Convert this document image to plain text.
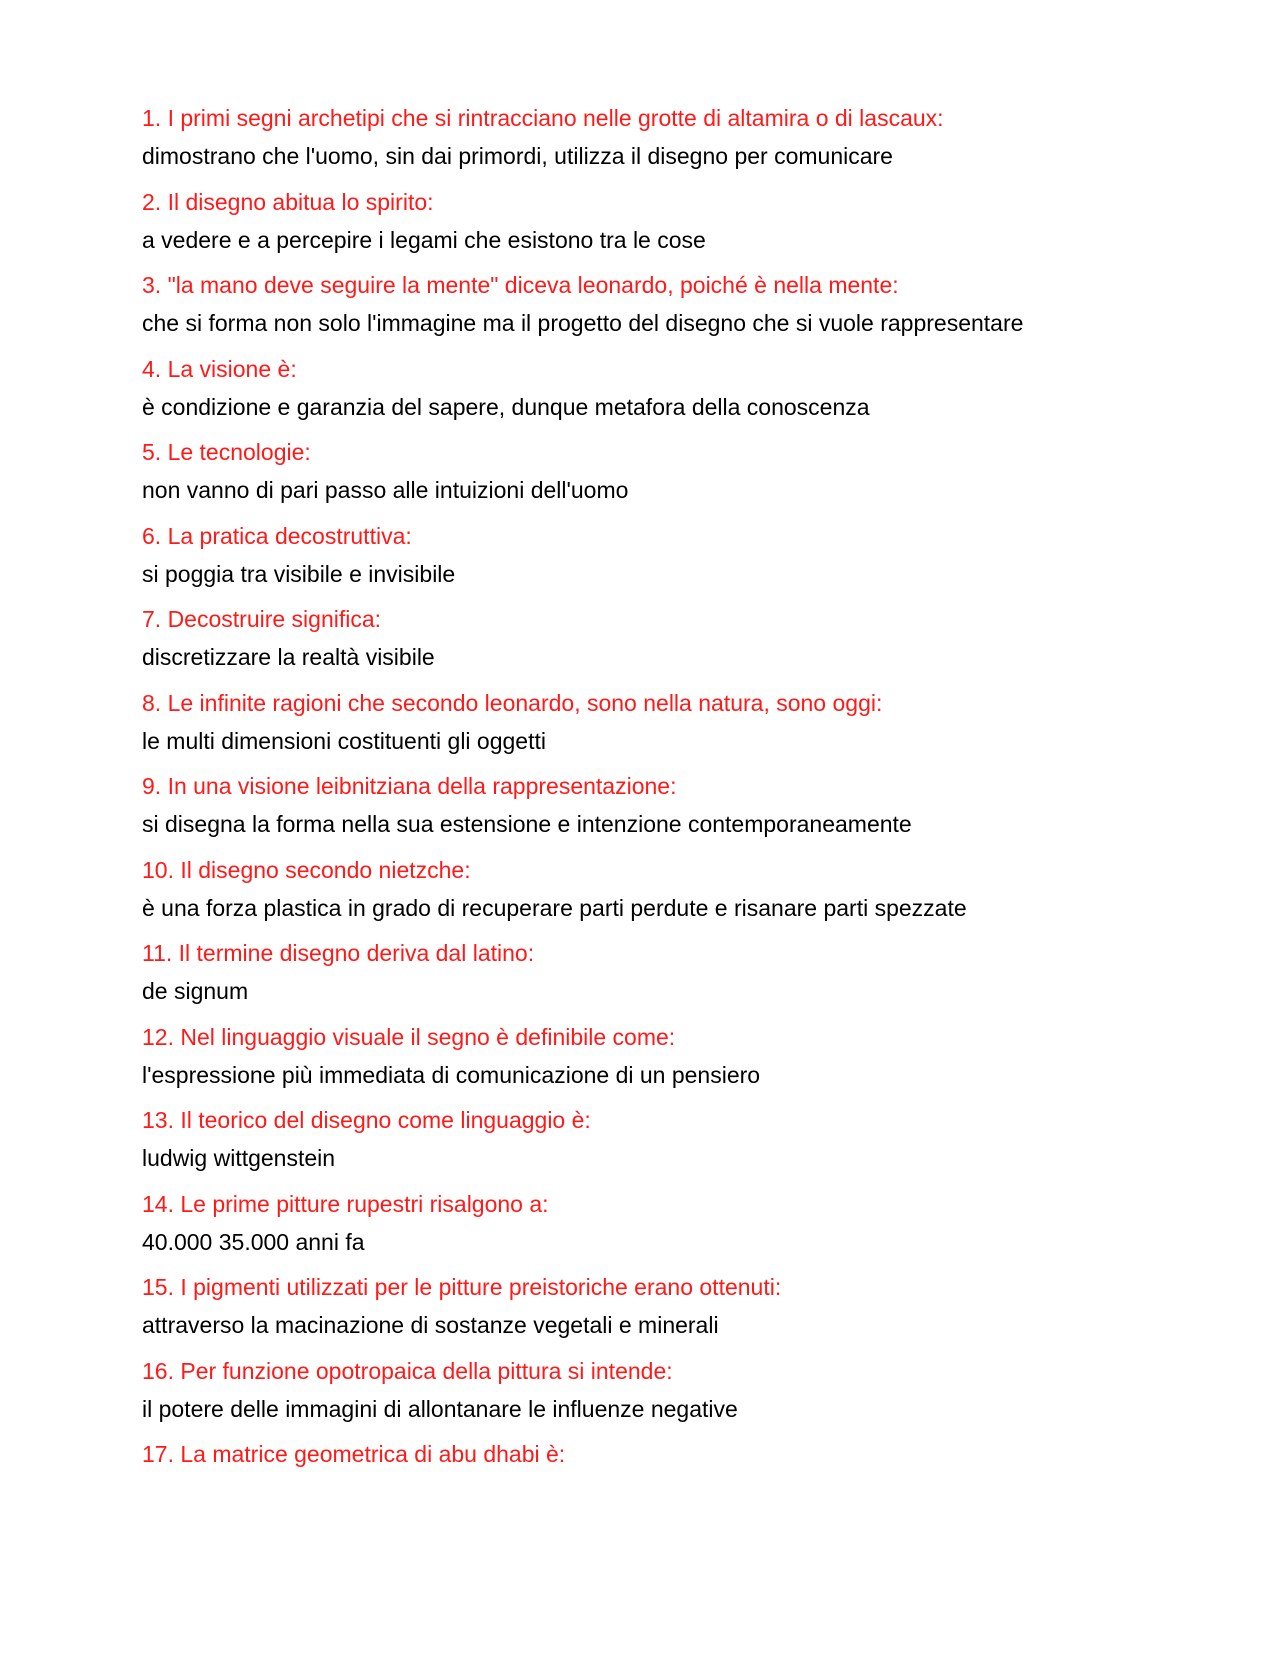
1. I primi segni archetipi che si rintracciano nelle grotte di altamira o di lascaux:
dimostrano che l'uomo, sin dai primordi, utilizza il disegno per comunicare
2. Il disegno abitua lo spirito:
a vedere e a percepire i legami che esistono tra le cose
3. "la mano deve seguire la mente" diceva leonardo, poiché è nella mente:
che si forma non solo l'immagine ma il progetto del disegno che si vuole rappresentare
4. La visione è:
è condizione e garanzia del sapere, dunque metafora della conoscenza
5. Le tecnologie:
non vanno di pari passo alle intuizioni dell'uomo
6. La pratica decostruttiva:
si poggia tra visibile e invisibile
7. Decostruire significa:
discretizzare la realtà visibile
8. Le infinite ragioni che secondo leonardo, sono nella natura, sono oggi:
le multi dimensioni costituenti gli oggetti
9. In una visione leibnitziana della rappresentazione:
si disegna la forma nella sua estensione e intenzione contemporaneamente
10. Il disegno secondo nietzche:
è una forza plastica in grado di recuperare parti perdute e risanare parti spezzate
11. Il termine disegno deriva dal latino:
de signum
12. Nel linguaggio visuale il segno è definibile come:
l'espressione più immediata di comunicazione di un pensiero
13. Il teorico del disegno come linguaggio è:
ludwig wittgenstein
14. Le prime pitture rupestri risalgono a:
40.000 35.000 anni fa
15. I pigmenti utilizzati per le pitture preistoriche erano ottenuti:
attraverso la macinazione di sostanze vegetali e minerali
16. Per funzione opotropaica della pittura si intende:
il potere delle immagini di allontanare le influenze negative
17. La matrice geometrica di abu dhabi è:
